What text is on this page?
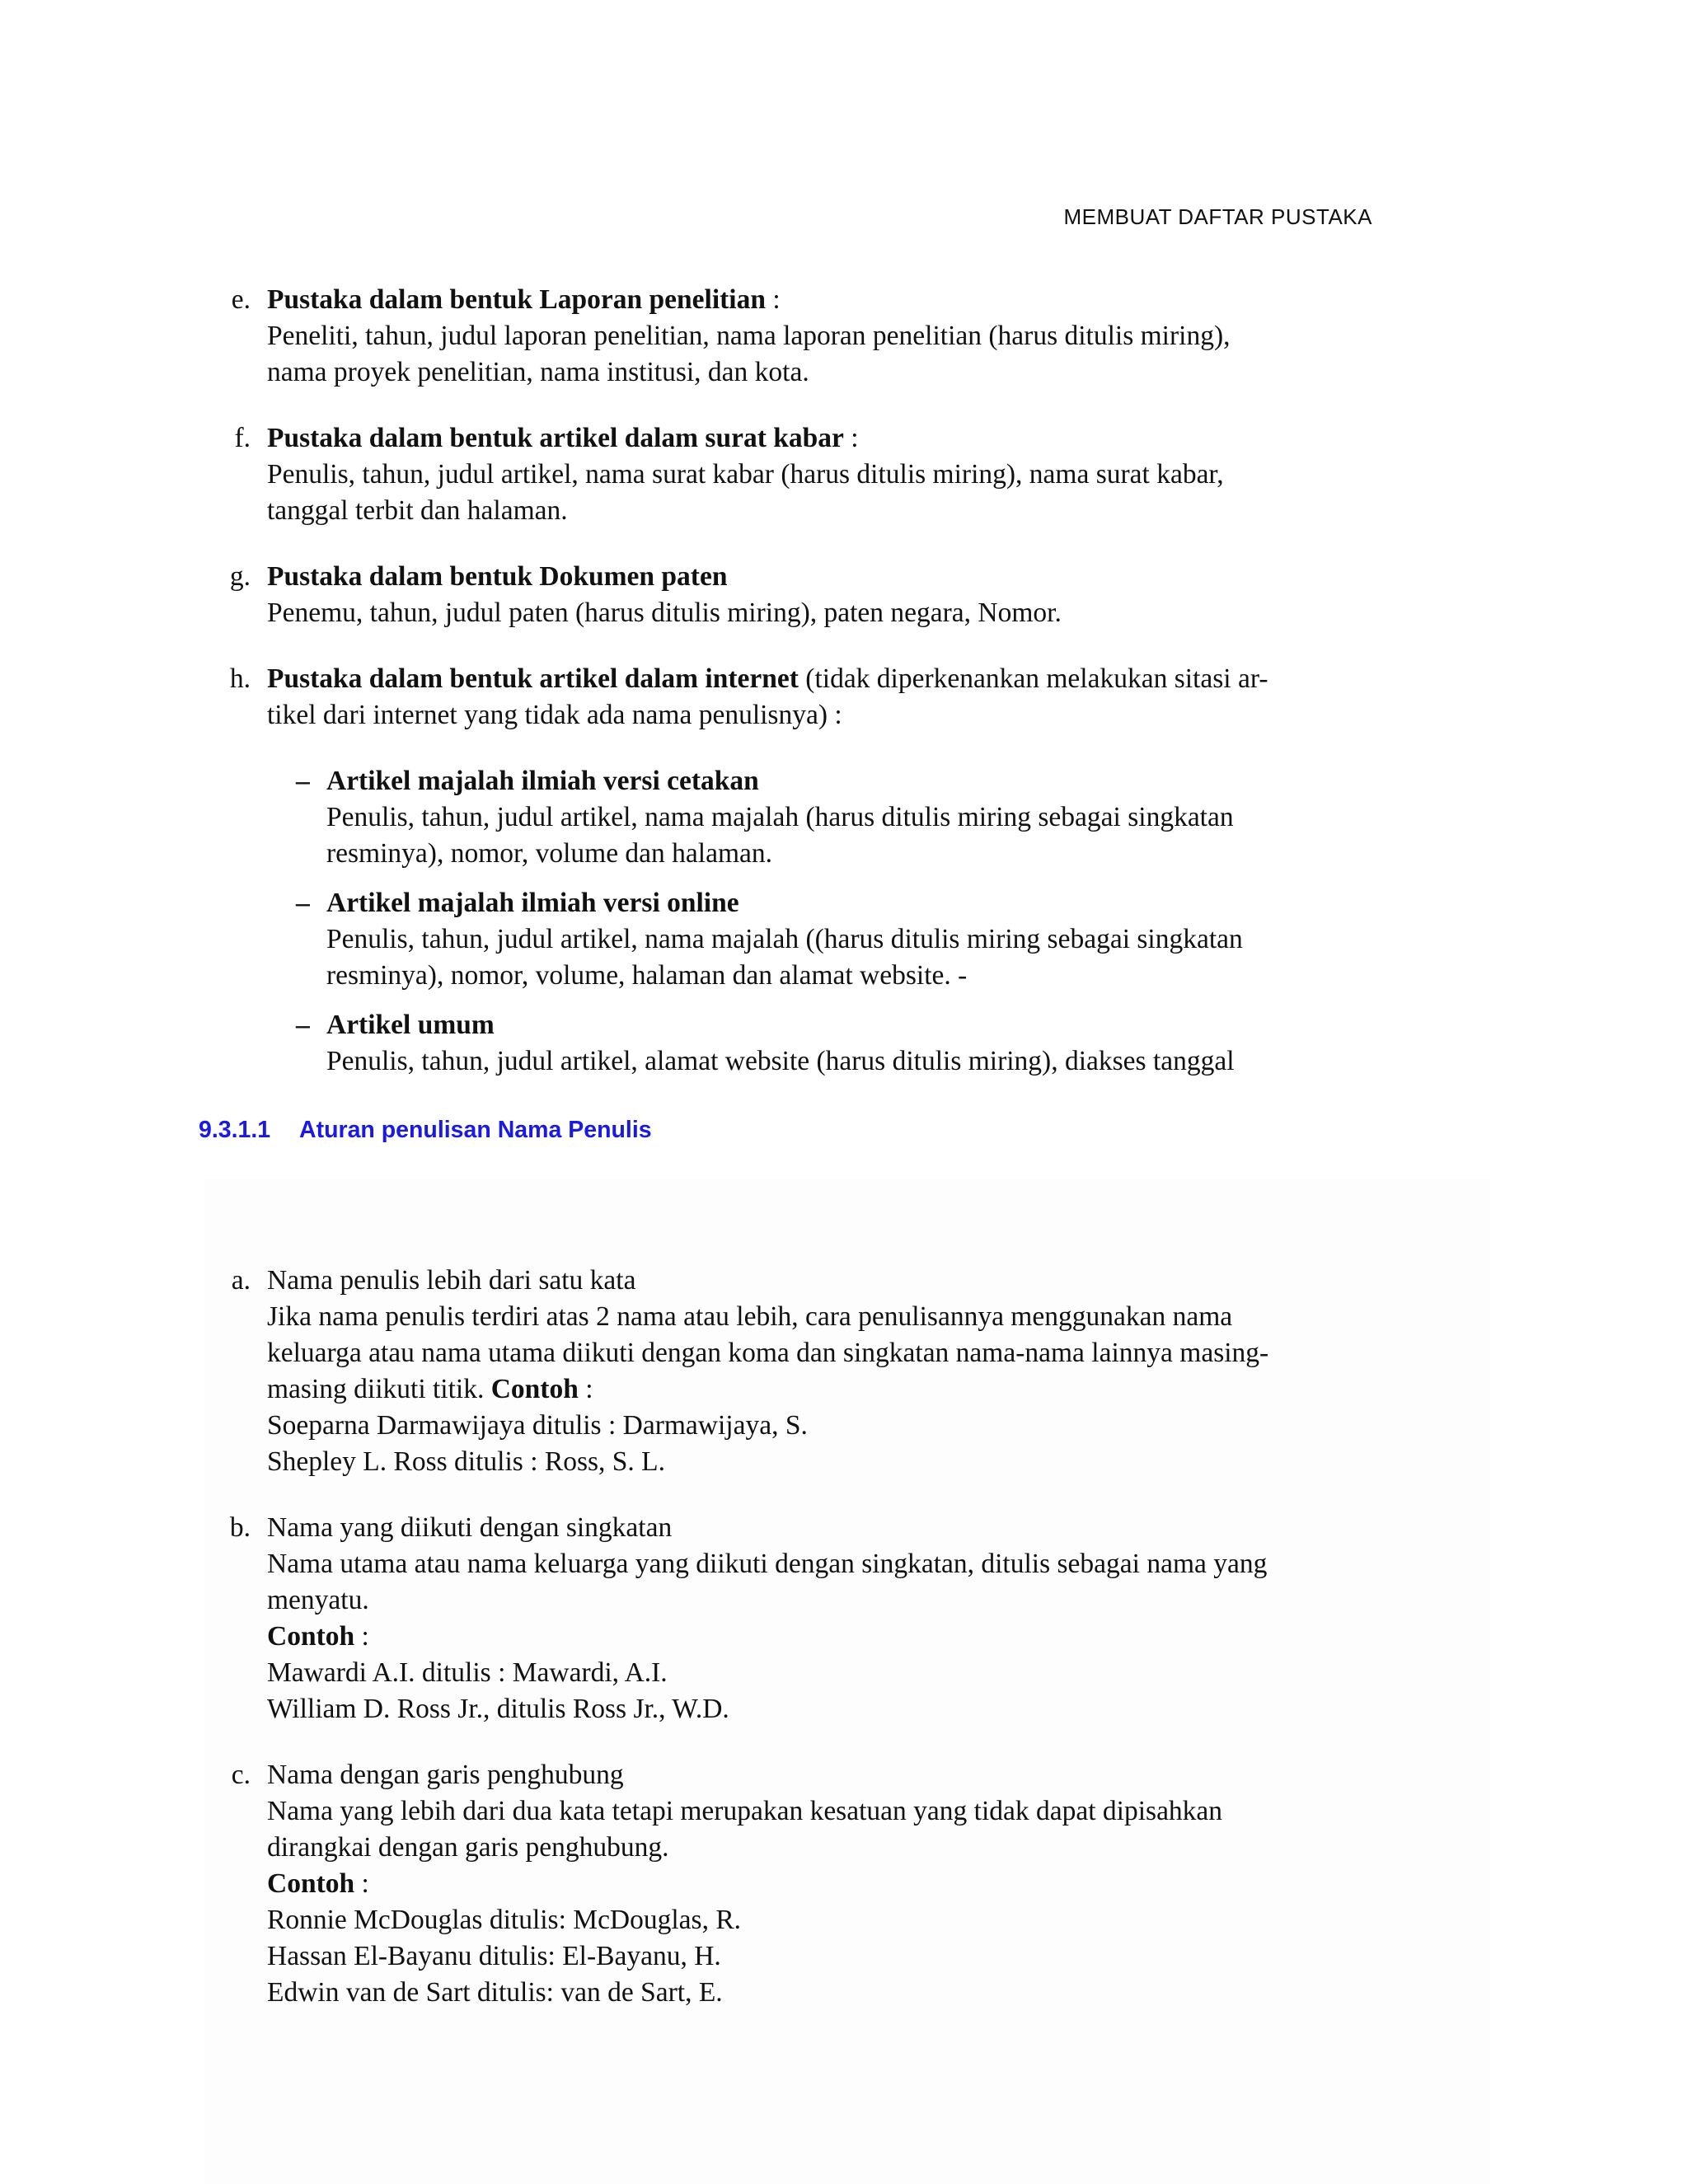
MEMBUAT DAFTAR PUSTAKA
e. Pustaka dalam bentuk Laporan penelitian :
Peneliti, tahun, judul laporan penelitian, nama laporan penelitian (harus ditulis miring),
nama proyek penelitian, nama institusi, dan kota.
f. Pustaka dalam bentuk artikel dalam surat kabar :
Penulis, tahun, judul artikel, nama surat kabar (harus ditulis miring), nama surat kabar,
tanggal terbit dan halaman.
g. Pustaka dalam bentuk Dokumen paten
Penemu, tahun, judul paten (harus ditulis miring), paten negara, Nomor.
h. Pustaka dalam bentuk artikel dalam internet (tidak diperkenankan melakukan sitasi ar-
tikel dari internet yang tidak ada nama penulisnya) :
– Artikel majalah ilmiah versi cetakan
Penulis, tahun, judul artikel, nama majalah (harus ditulis miring sebagai singkatan
resminya), nomor, volume dan halaman.
– Artikel majalah ilmiah versi online
Penulis, tahun, judul artikel, nama majalah ((harus ditulis miring sebagai singkatan
resminya), nomor, volume, halaman dan alamat website. -
– Artikel umum
Penulis, tahun, judul artikel, alamat website (harus ditulis miring), diakses tanggal
9.3.1.1 Aturan penulisan Nama Penulis
a. Nama penulis lebih dari satu kata
Jika nama penulis terdiri atas 2 nama atau lebih, cara penulisannya menggunakan nama
keluarga atau nama utama diikuti dengan koma dan singkatan nama-nama lainnya masing-
masing diikuti titik. Contoh :
Soeparna Darmawijaya ditulis : Darmawijaya, S.
Shepley L. Ross ditulis : Ross, S. L.
b. Nama yang diikuti dengan singkatan
Nama utama atau nama keluarga yang diikuti dengan singkatan, ditulis sebagai nama yang
menyatu.
Contoh :
Mawardi A.I. ditulis : Mawardi, A.I.
William D. Ross Jr., ditulis Ross Jr., W.D.
c. Nama dengan garis penghubung
Nama yang lebih dari dua kata tetapi merupakan kesatuan yang tidak dapat dipisahkan
dirangkai dengan garis penghubung.
Contoh :
Ronnie McDouglas ditulis: McDouglas, R.
Hassan El-Bayanu ditulis: El-Bayanu, H.
Edwin van de Sart ditulis: van de Sart, E.
